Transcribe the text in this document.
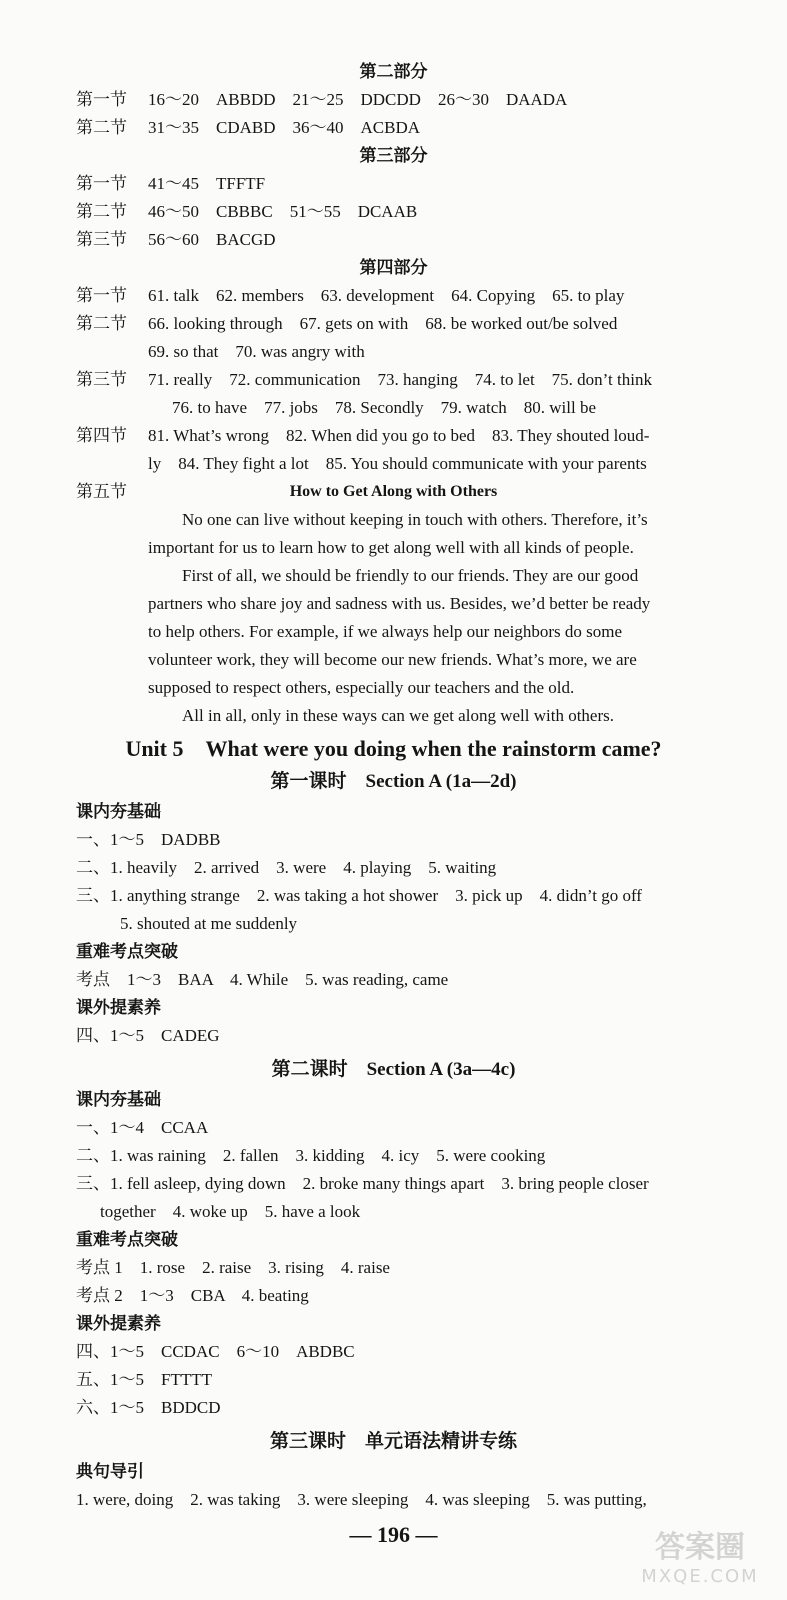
第二部分
第一节 16～20　ABBDD　21～25　DDCDD　26～30　DAADA
第二节 31～35　CDABD　36～40　ACBDA
第三部分
第一节 41～45　TFFTF
第二节 46～50　CBBBC　51～55　DCAAB
第三节 56～60　BACGD
第四部分
第一节 61. talk　62. members　63. development　64. Copying　65. to play
第二节 66. looking through　67. gets on with　68. be worked out/be solved
69. so that　70. was angry with
第三节 71. really　72. communication　73. hanging　74. to let　75. don’t think
76. to have　77. jobs　78. Secondly　79. watch　80. will be
第四节 81. What’s wrong　82. When did you go to bed　83. They shouted loud-
ly　84. They fight a lot　85. You should communicate with your parents
第五节	How to Get Along with Others
No one can live without keeping in touch with others. Therefore, it’s
important for us to learn how to get along well with all kinds of people.
First of all, we should be friendly to our friends. They are our good
partners who share joy and sadness with us. Besides, we’d better be ready
to help others. For example, if we always help our neighbors do some
volunteer work, they will become our new friends. What’s more, we are
supposed to respect others, especially our teachers and the old.
All in all, only in these ways can we get along well with others.
Unit 5　What were you doing when the rainstorm came?
第一课时　Section A (1a—2d)
课内夯基础
一、1～5　DADBB
二、1. heavily　2. arrived　3. were　4. playing　5. waiting
三、1. anything strange　2. was taking a hot shower　3. pick up　4. didn’t go off
5. shouted at me suddenly
重难考点突破
考点　1～3　BAA　4. While　5. was reading, came
课外提素养
四、1～5　CADEG
第二课时　Section A (3a—4c)
课内夯基础
一、1～4　CCAA
二、1. was raining　2. fallen　3. kidding　4. icy　5. were cooking
三、1. fell asleep, dying down　2. broke many things apart　3. bring people closer
together　4. woke up　5. have a look
重难考点突破
考点 1　1. rose　2. raise　3. rising　4. raise
考点 2　1～3　CBA　4. beating
课外提素养
四、1～5　CCDAC　6～10　ABDBC
五、1～5　FTTTT
六、1～5　BDDCD
第三课时　单元语法精讲专练
典句导引
1. were, doing　2. was taking　3. were sleeping　4. was sleeping　5. was putting,
— 196 —	答案圈
MXQE.COM
